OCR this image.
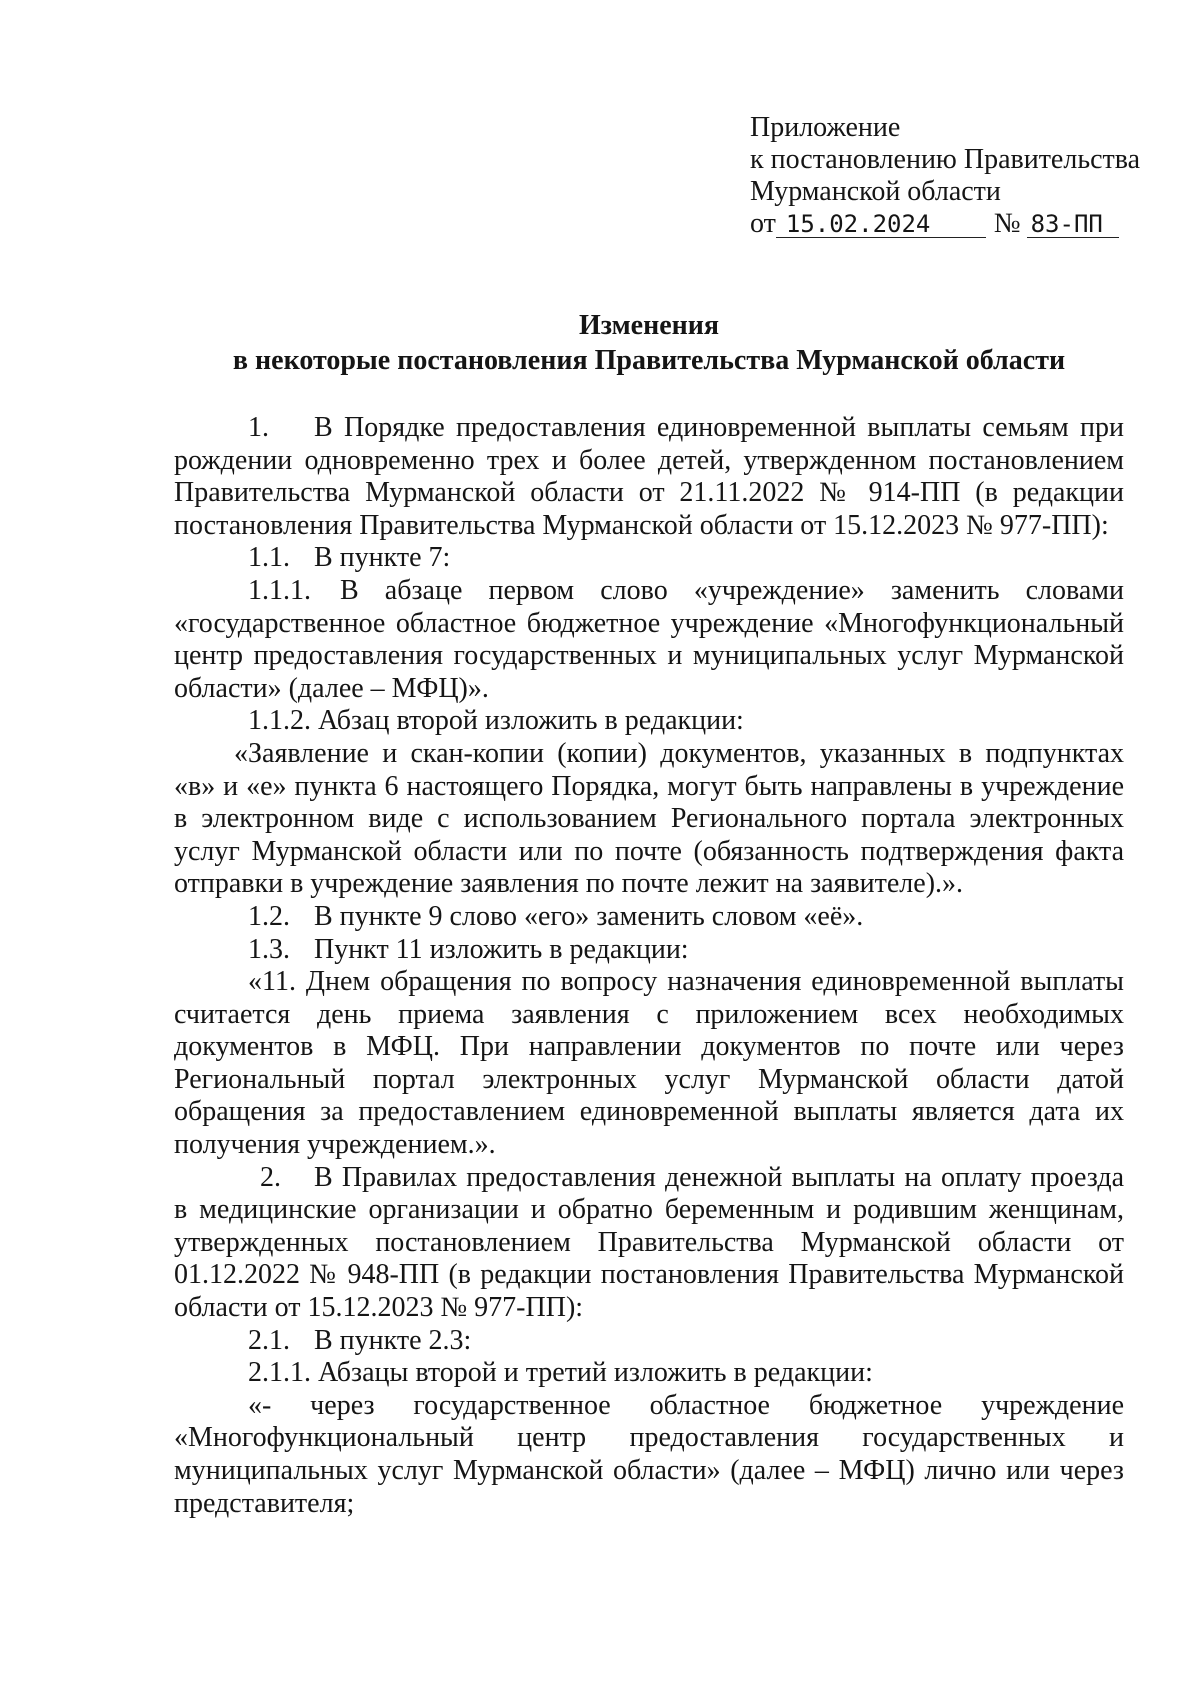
Приложение
к постановлению Правительства
Мурманской области
от 15.02.2024 № 83-ПП
Изменения
в некоторые постановления Правительства Мурманской области

1. В Порядке предоставления единовременной выплаты семьям при рождении одновременно трех и более детей, утвержденном постановлением Правительства Мурманской области от 21.11.2022 № 914-ПП (в редакции постановления Правительства Мурманской области от 15.12.2023 № 977-ПП):

1.1. В пункте 7:

1.1.1. В абзаце первом слово «учреждение» заменить словами «государственное областное бюджетное учреждение «Многофункциональный центр предоставления государственных и муниципальных услуг Мурманской области» (далее – МФЦ)».

1.1.2. Абзац второй изложить в редакции:

«Заявление и скан-копии (копии) документов, указанных в подпунктах «в» и «е» пункта 6 настоящего Порядка, могут быть направлены в учреждение в электронном виде с использованием Регионального портала электронных услуг Мурманской области или по почте (обязанность подтверждения факта отправки в учреждение заявления по почте лежит на заявителе).».

1.2. В пункте 9 слово «его» заменить словом «её».

1.3. Пункт 11 изложить в редакции:

«11. Днем обращения по вопросу назначения единовременной выплаты считается день приема заявления с приложением всех необходимых документов в МФЦ. При направлении документов по почте или через Региональный портал электронных услуг Мурманской области датой обращения за предоставлением единовременной выплаты является дата их получения учреждением.».

2. В Правилах предоставления денежной выплаты на оплату проезда в медицинские организации и обратно беременным и родившим женщинам, утвержденных постановлением Правительства Мурманской области от 01.12.2022 № 948-ПП (в редакции постановления Правительства Мурманской области от 15.12.2023 № 977-ПП):

2.1. В пункте 2.3:

2.1.1. Абзацы второй и третий изложить в редакции:

«- через государственное областное бюджетное учреждение «Многофункциональный центр предоставления государственных и муниципальных услуг Мурманской области» (далее – МФЦ) лично или через представителя;
